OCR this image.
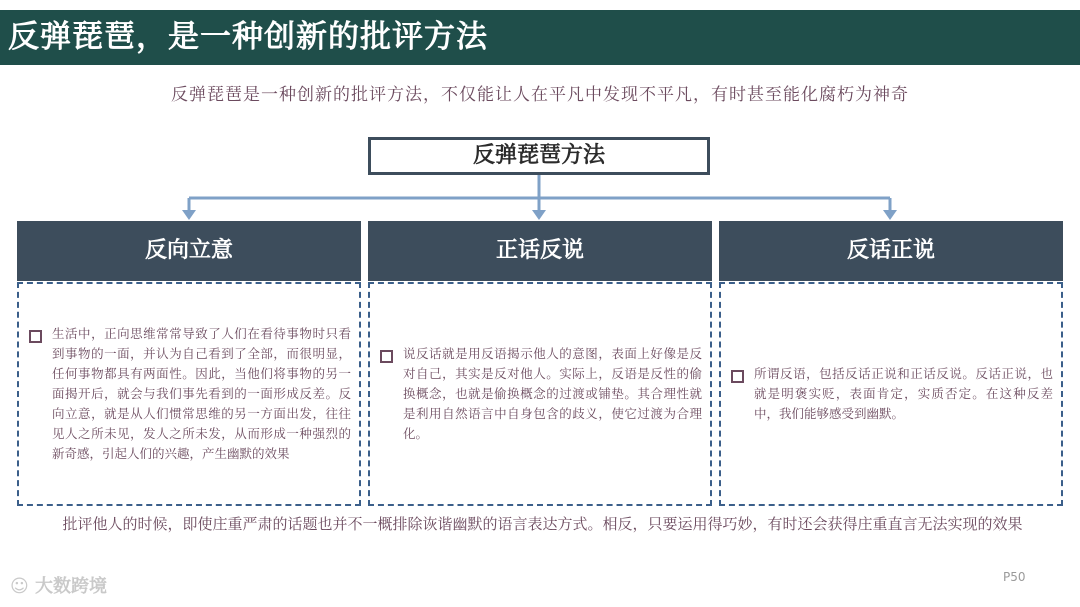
反弹琵琶，是一种创新的批评方法
反弹琵琶是一种创新的批评方法，不仅能让人在平凡中发现不平凡，有时甚至能化腐朽为神奇
反弹琵琶方法
反向立意
生活中，正向思维常常导致了人们在看待事物时只看到事物的一面，并认为自己看到了全部，而很明显，任何事物都具有两面性。因此，当他们将事物的另一面揭开后，就会与我们事先看到的一面形成反差。反向立意，就是从人们惯常思维的另一方面出发，往往见人之所未见，发人之所未发，从而形成一种强烈的新奇感，引起人们的兴趣，产生幽默的效果
正话反说
说反话就是用反语揭示他人的意图，表面上好像是反对自己，其实是反对他人。实际上，反语是反性的偷换概念，也就是偷换概念的过渡或铺垫。其合理性就是利用自然语言中自身包含的歧义，使它过渡为合理化。
反话正说
所谓反语，包括反话正说和正话反说。反话正说，也就是明褒实贬，表面肯定，实质否定。在这种反差中，我们能够感受到幽默。
批评他人的时候，即使庄重严肃的话题也并不一概排除诙谐幽默的语言表达方式。相反，只要运用得巧妙，有时还会获得庄重直言无法实现的效果
☺ 大数跨境	P50
